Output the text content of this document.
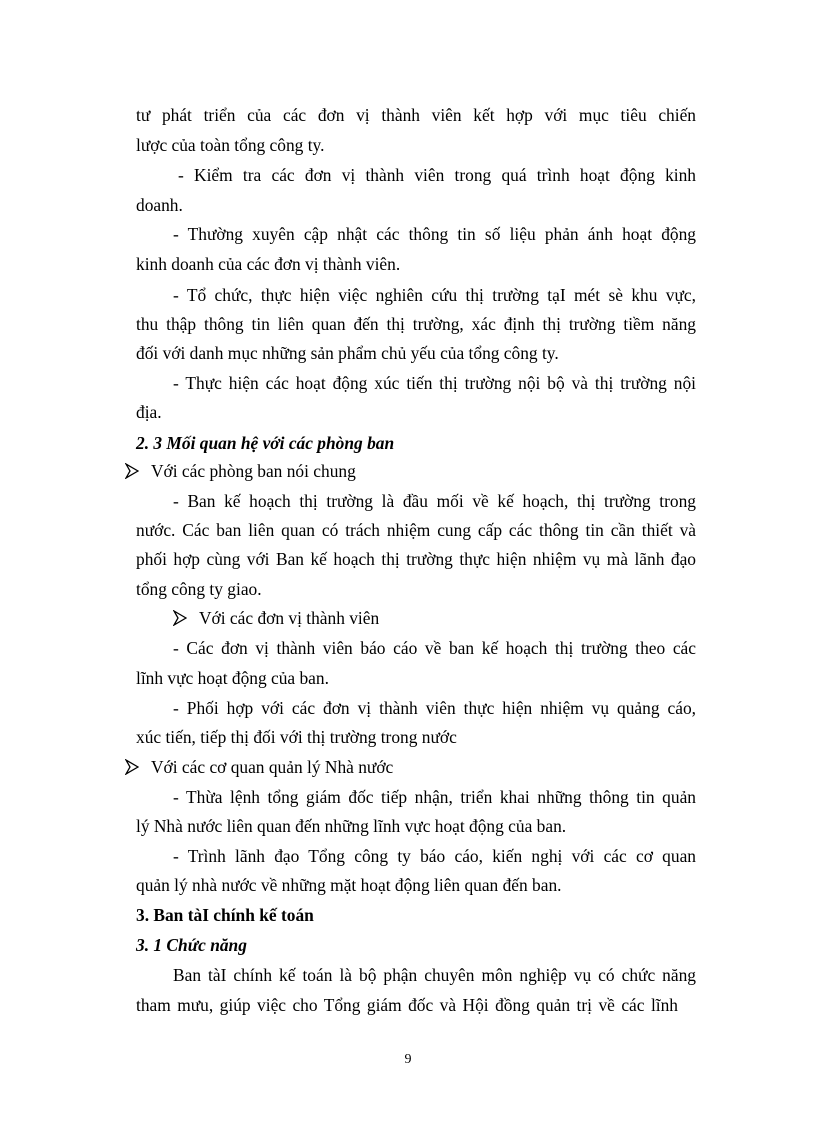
tư phát triển của các đơn vị thành viên kết hợp với mục tiêu chiến
lược của toàn tổng công ty.
- Kiểm tra các đơn vị thành viên trong quá trình hoạt động kinh
doanh.
- Thường xuyên cập nhật các thông tin số liệu phản ánh hoạt động
kinh doanh của các đơn vị thành viên.
- Tổ chức, thực hiện việc nghiên cứu thị trường tạI mét sè khu vực,
thu thập thông tin liên quan đến thị trường, xác định thị trường tiềm năng
đối với danh mục những sản phẩm chủ yếu của tổng công ty.
- Thực hiện các hoạt động xúc tiến thị trường nội bộ và thị trường nội
địa.
2. 3 Mối quan hệ với các phòng ban
Với các phòng ban nói chung
- Ban kế hoạch thị trường là đầu mối về kế hoạch, thị trường trong
nước. Các ban liên quan có trách nhiệm cung cấp các thông tin cần thiết và
phối hợp cùng với Ban kế hoạch thị trường thực hiện nhiệm vụ mà lãnh đạo
tổng công ty giao.
Với các đơn vị thành viên
- Các đơn vị thành viên báo cáo về ban kế hoạch thị trường theo các
lĩnh vực hoạt động của ban.
- Phối hợp với các đơn vị thành viên thực hiện nhiệm vụ quảng cáo,
xúc tiến, tiếp thị đối với thị trường trong nước
Với các cơ quan quản lý Nhà nước
- Thừa lệnh tổng giám đốc tiếp nhận, triển khai những thông tin quản
lý Nhà nước liên quan đến những lĩnh vực hoạt động của ban.
- Trình lãnh đạo Tổng công ty báo cáo, kiến nghị với các cơ quan
quản lý nhà nước về những mặt hoạt động liên quan đến ban.
3. Ban tàI chính kế toán
3. 1 Chức năng
Ban tàI chính kế toán là bộ phận chuyên môn nghiệp vụ có chức năng
tham mưu, giúp việc cho Tổng giám đốc và Hội đồng quản trị về các lĩnh
9
